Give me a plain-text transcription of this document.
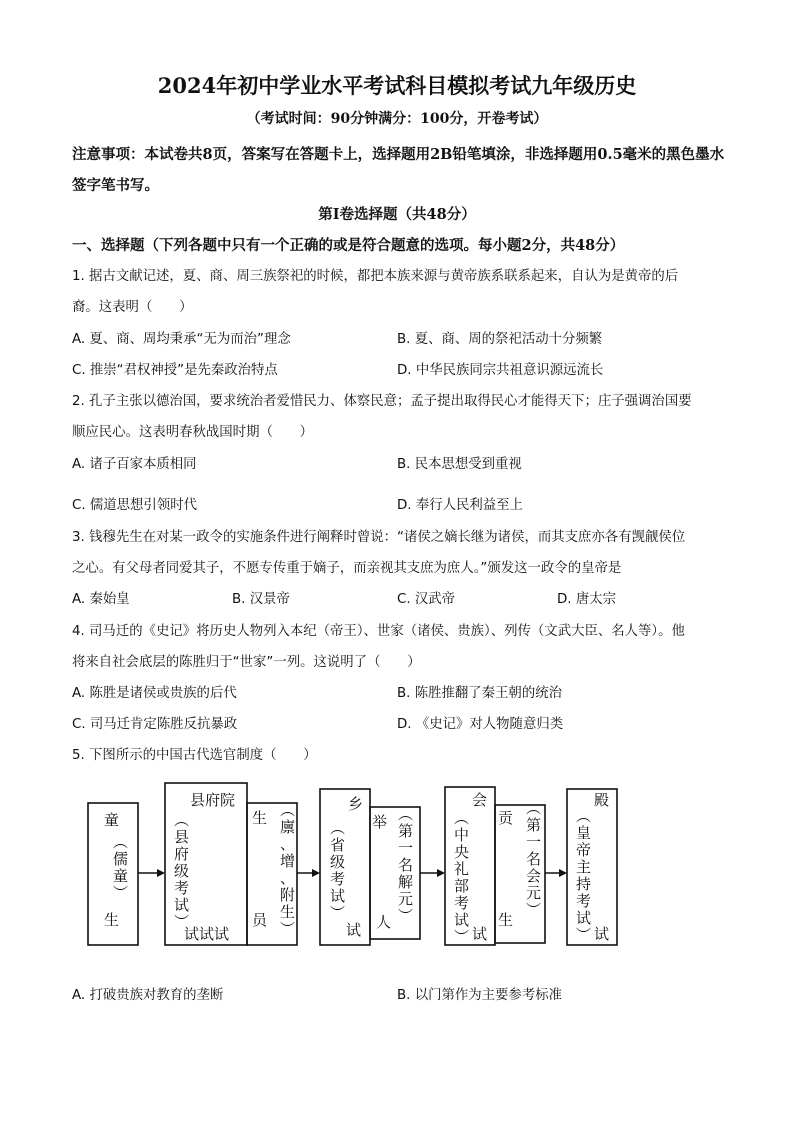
2024年初中学业水平考试科目模拟考试九年级历史
（考试时间：90分钟满分：100分，开卷考试）
注意事项：本试卷共8页，答案写在答题卡上，选择题用2B铅笔填涂，非选择题用0.5毫米的黑色墨水签字笔书写。
第Ⅰ卷选择题（共48分）
一、选择题（下列各题中只有一个正确的或是符合题意的选项。每小题2分，共48分）
1. 据古文献记述，夏、商、周三族祭祀的时候，都把本族来源与黄帝族系联系起来，自认为是黄帝的后
裔。这表明（　　）
A. 夏、商、周均秉承“无为而治”理念	B. 夏、商、周的祭祀活动十分频繁
C. 推崇“君权神授”是先秦政治特点	D. 中华民族同宗共祖意识源远流长
2. 孔子主张以德治国，要求统治者爱惜民力、体察民意；孟子提出取得民心才能得天下；庄子强调治国要
顺应民心。这表明春秋战国时期（　　）
A. 诸子百家本质相同	B. 民本思想受到重视
C. 儒道思想引领时代	D. 奉行人民利益至上
3. 钱穆先生在对某一政令的实施条件进行阐释时曾说：“诸侯之嫡长继为诸侯，而其支庶亦各有觊觎侯位
之心。有父母者同爱其子，不愿专传重于嫡子，而亲视其支庶为庶人。”颁发这一政令的皇帝是
A. 秦始皇	B. 汉景帝	C. 汉武帝	D. 唐太宗
4. 司马迁的《史记》将历史人物列入本纪（帝王）、世家（诸侯、贵族）、列传（文武大臣、名人等）。他
将来自社会底层的陈胜归于“世家”一列。这说明了（　　）
A. 陈胜是诸侯或贵族的后代	B. 陈胜推翻了秦王朝的统治
C. 司马迁肯定陈胜反抗暴政	D. 《史记》对人物随意归类
5. 下图所示的中国古代选官制度（　　）
童
︵
儒
童
︶
生
县府院
︵
县
府
级
考
试
︶
试试试
生 ︵
廪
、
增
、
附
生
︶
员
乡
︵
省
级
考
试
︶
试
举 ︵
第
一
名
解
元
︶
人
会
︵
中
央
礼
部
考
试
︶ 试
贡
︵
第
一
名
会
元
︶
生
殿
︵
皇
帝
主
持
考
试
︶ 试
A. 打破贵族对教育的垄断	B. 以门第作为主要参考标准
